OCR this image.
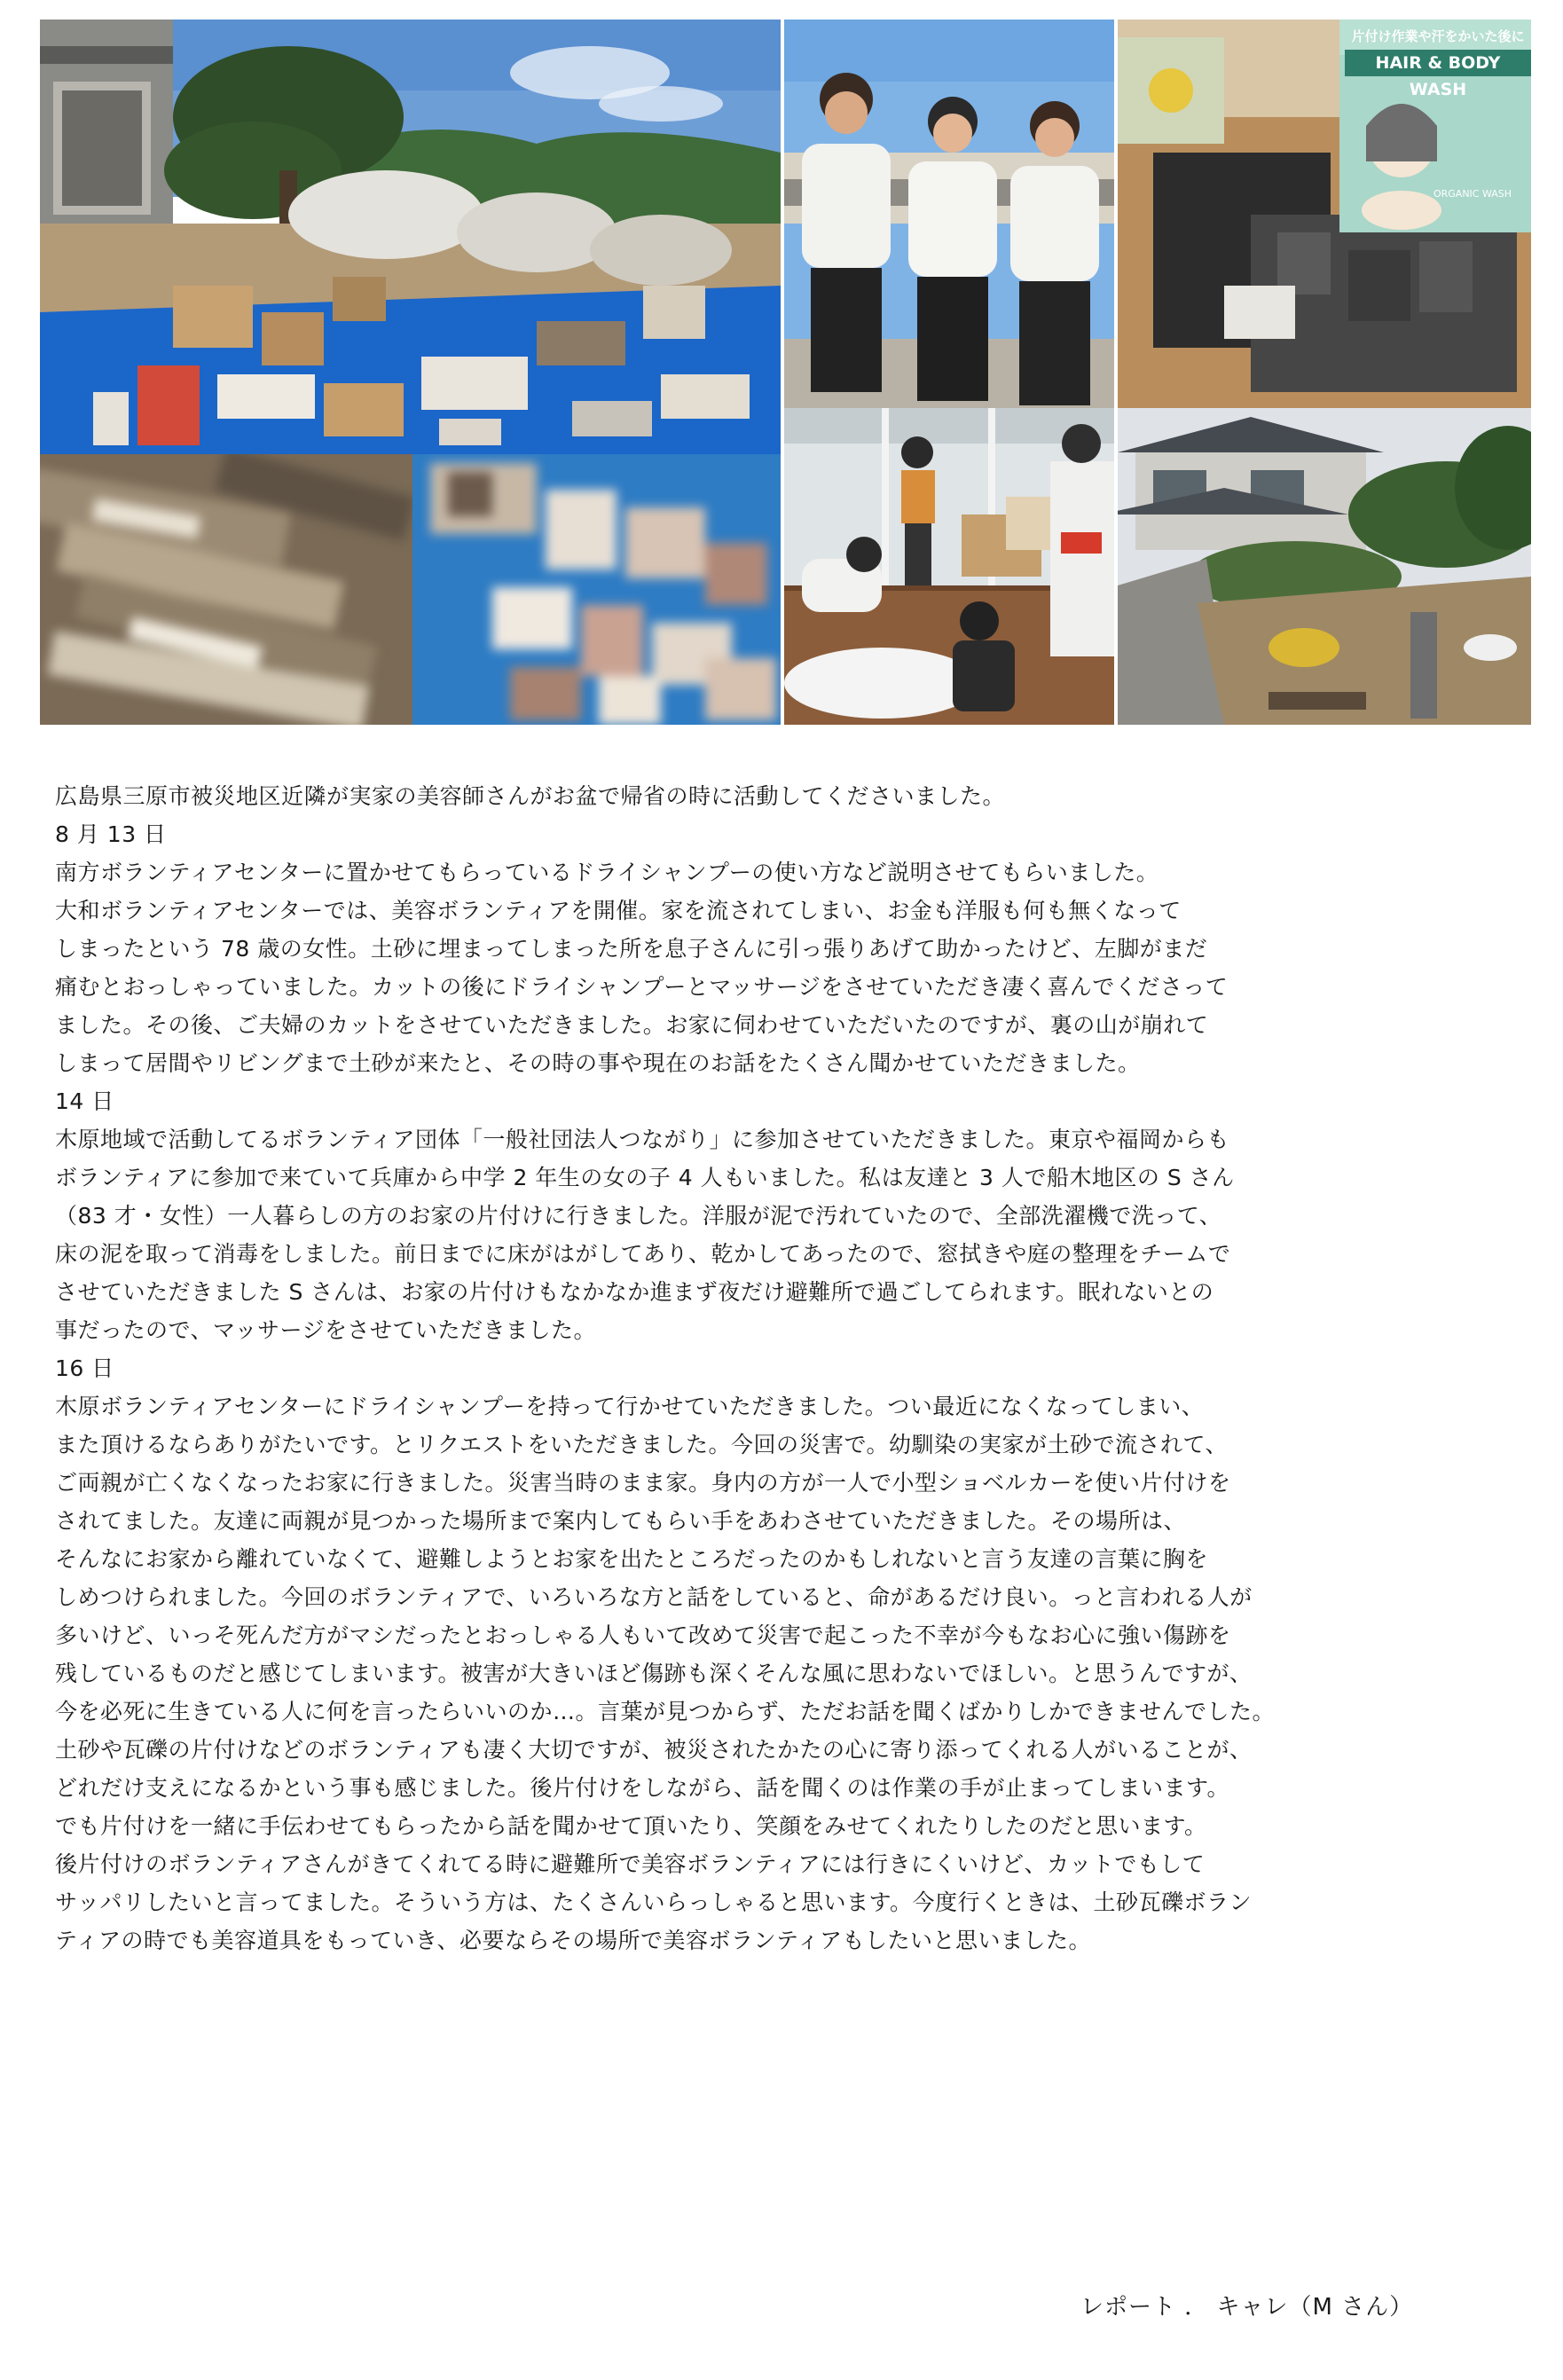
片付け作業や汗をかいた後に
HAIR & BODY WASH
ORGANIC WASH
広島県三原市被災地区近隣が実家の美容師さんがお盆で帰省の時に活動してくださいました。
8 月 13 日
南方ボランティアセンターに置かせてもらっているドライシャンプーの使い方など説明させてもらいました。
大和ボランティアセンターでは、美容ボランティアを開催。家を流されてしまい、お金も洋服も何も無くなって
しまったという 78 歳の女性。土砂に埋まってしまった所を息子さんに引っ張りあげて助かったけど、左脚がまだ
痛むとおっしゃっていました。カットの後にドライシャンプーとマッサージをさせていただき凄く喜んでくださって
ました。その後、ご夫婦のカットをさせていただきました。お家に伺わせていただいたのですが、裏の山が崩れて
しまって居間やリビングまで土砂が来たと、その時の事や現在のお話をたくさん聞かせていただきました。
14 日
木原地域で活動してるボランティア団体「一般社団法人つながり」に参加させていただきました。東京や福岡からも
ボランティアに参加で来ていて兵庫から中学 2 年生の女の子 4 人もいました。私は友達と 3 人で船木地区の S さん
（83 才・女性）一人暮らしの方のお家の片付けに行きました。洋服が泥で汚れていたので、全部洗濯機で洗って、
床の泥を取って消毒をしました。前日までに床がはがしてあり、乾かしてあったので、窓拭きや庭の整理をチームで
させていただきました S さんは、お家の片付けもなかなか進まず夜だけ避難所で過ごしてられます。眠れないとの
事だったので、マッサージをさせていただきました。
16 日
木原ボランティアセンターにドライシャンプーを持って行かせていただきました。つい最近になくなってしまい、
また頂けるならありがたいです。とリクエストをいただきました。今回の災害で。幼馴染の実家が土砂で流されて、
ご両親が亡くなくなったお家に行きました。災害当時のまま家。身内の方が一人で小型ショベルカーを使い片付けを
されてました。友達に両親が見つかった場所まで案内してもらい手をあわさせていただきました。その場所は、
そんなにお家から離れていなくて、避難しようとお家を出たところだったのかもしれないと言う友達の言葉に胸を
しめつけられました。今回のボランティアで、いろいろな方と話をしていると、命があるだけ良い。っと言われる人が
多いけど、いっそ死んだ方がマシだったとおっしゃる人もいて改めて災害で起こった不幸が今もなお心に強い傷跡を
残しているものだと感じてしまいます。被害が大きいほど傷跡も深くそんな風に思わないでほしい。と思うんですが、
今を必死に生きている人に何を言ったらいいのか…。言葉が見つからず、ただお話を聞くばかりしかできませんでした。
土砂や瓦礫の片付けなどのボランティアも凄く大切ですが、被災されたかたの心に寄り添ってくれる人がいることが、
どれだけ支えになるかという事も感じました。後片付けをしながら、話を聞くのは作業の手が止まってしまいます。
でも片付けを一緒に手伝わせてもらったから話を聞かせて頂いたり、笑顔をみせてくれたりしたのだと思います。
後片付けのボランティアさんがきてくれてる時に避難所で美容ボランティアには行きにくいけど、カットでもして
サッパリしたいと言ってました。そういう方は、たくさんいらっしゃると思います。今度行くときは、土砂瓦礫ボラン
ティアの時でも美容道具をもっていき、必要ならその場所で美容ボランティアもしたいと思いました。
レポート ． キャレ（M さん）
